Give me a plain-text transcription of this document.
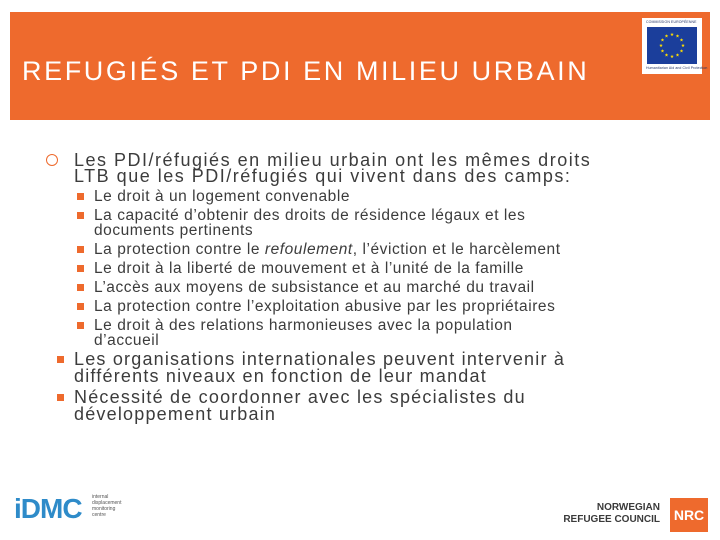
REFUGIÉS ET PDI EN MILIEU URBAIN
COMMISSION EUROPÉENNE
Humanitarian Aid and Civil Protection
Les PDI/réfugiés en milieu urbain ont les mêmes droits
LTB que les PDI/réfugiés qui vivent dans des camps:
Le droit à un logement convenable
La capacité d’obtenir des droits de résidence légaux et les
documents pertinents
La protection contre le refoulement, l’éviction et le harcèlement
Le droit à la liberté de mouvement et à l’unité de la famille
L’accès aux moyens de subsistance et au marché du travail
La protection contre l’exploitation abusive par les propriétaires
Le droit à des relations harmonieuses avec la population
d’accueil
Les organisations internationales peuvent intervenir à
différents niveaux en fonction de leur mandat
Nécessité de coordonner avec les spécialistes du
développement urbain
iDMC internal
displacement
monitoring
centre
NORWEGIAN
REFUGEE COUNCIL NRC
